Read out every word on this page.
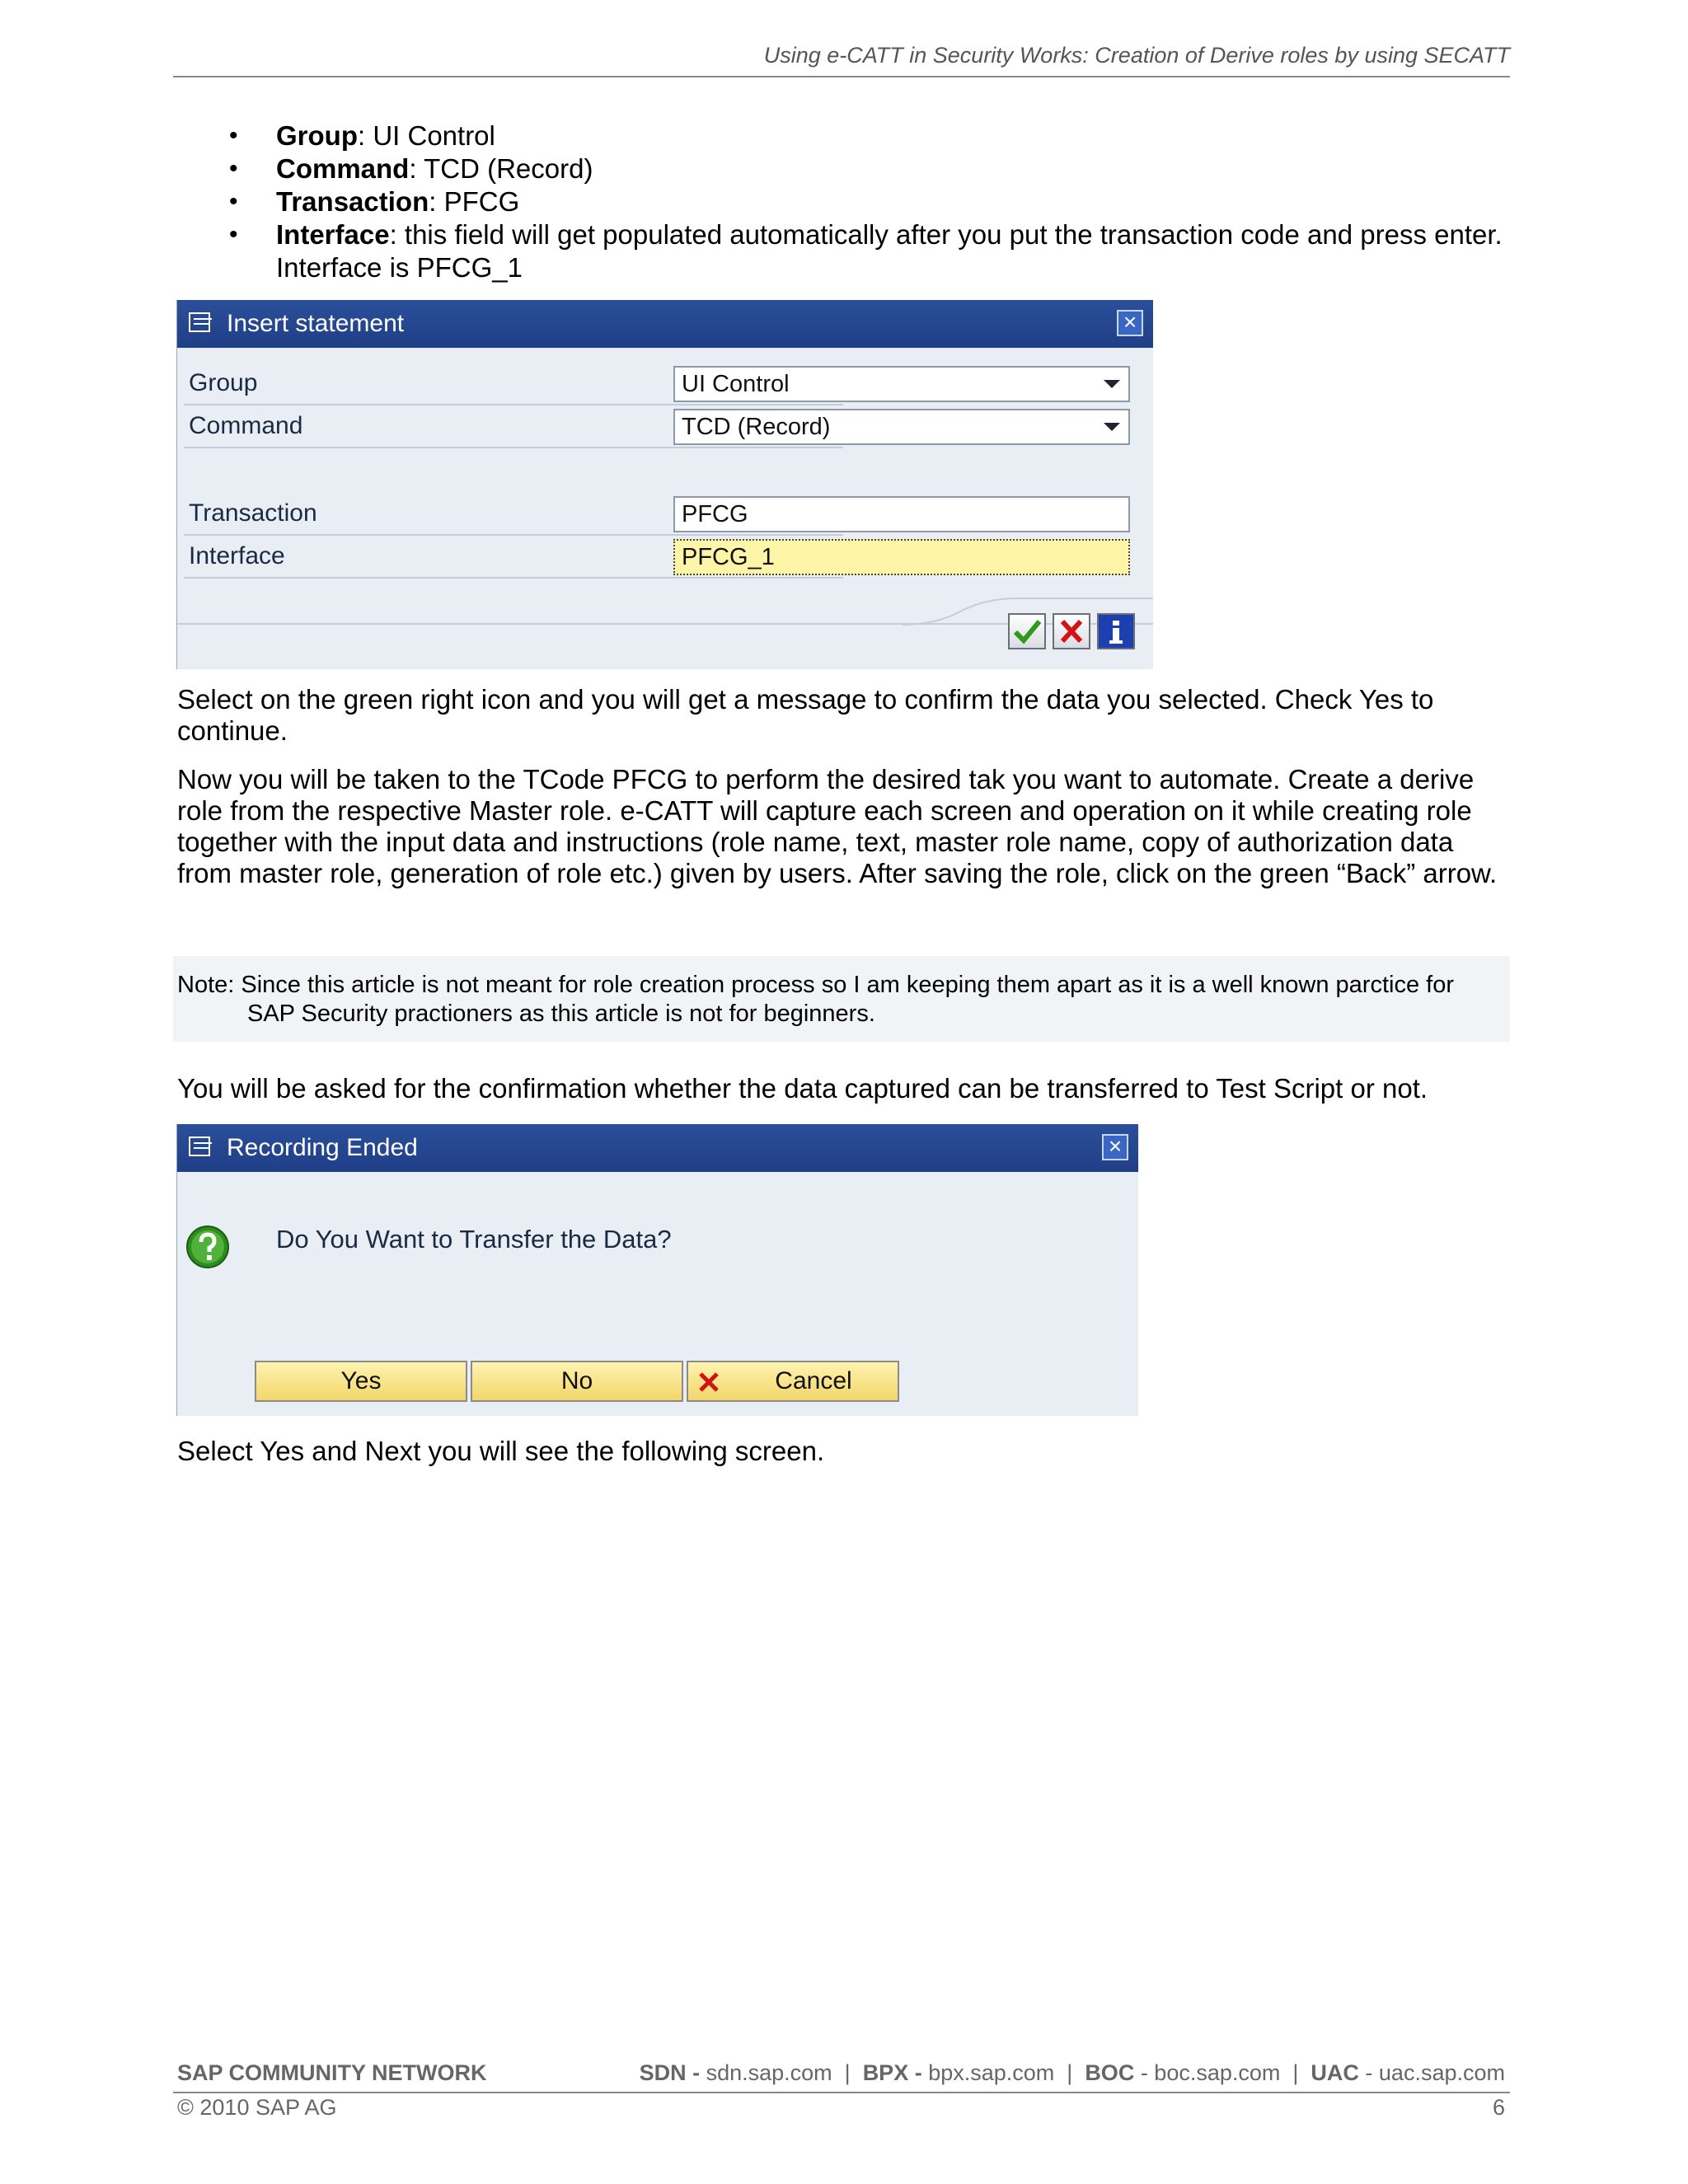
Using e-CATT in Security Works: Creation of Derive roles by using SECATT
• Group: UI Control
• Command: TCD (Record)
• Transaction: PFCG
• Interface: this field will get populated automatically after you put the transaction code and press enter. Interface is PFCG_1
Insert statement	×
Group	UI Control
Command	TCD (Record)
Transaction	PFCG
Interface	PFCG_1

Select on the green right icon and you will get a message to confirm the data you selected. Check Yes to continue.

Now you will be taken to the TCode PFCG to perform the desired tak you want to automate. Create a derive role from the respective Master role. e-CATT will capture each screen and operation on it while creating role together with the input data and instructions (role name, text, master role name, copy of authorization data from master role, generation of role etc.) given by users. After saving the role, click on the green “Back” arrow.

Note: Since this article is not meant for role creation process so I am keeping them apart as it is a well known parctice for
SAP Security practioners as this article is not for beginners.

You will be asked for the confirmation whether the data captured can be transferred to Test Script or not.

Recording Ended	×
Do You Want to Transfer the Data?
Yes	No	Cancel

Select Yes and Next you will see the following screen.

SAP COMMUNITY NETWORK	SDN - sdn.sap.com  |  BPX - bpx.sap.com  |  BOC - boc.sap.com  |  UAC - uac.sap.com
© 2010 SAP AG	6
